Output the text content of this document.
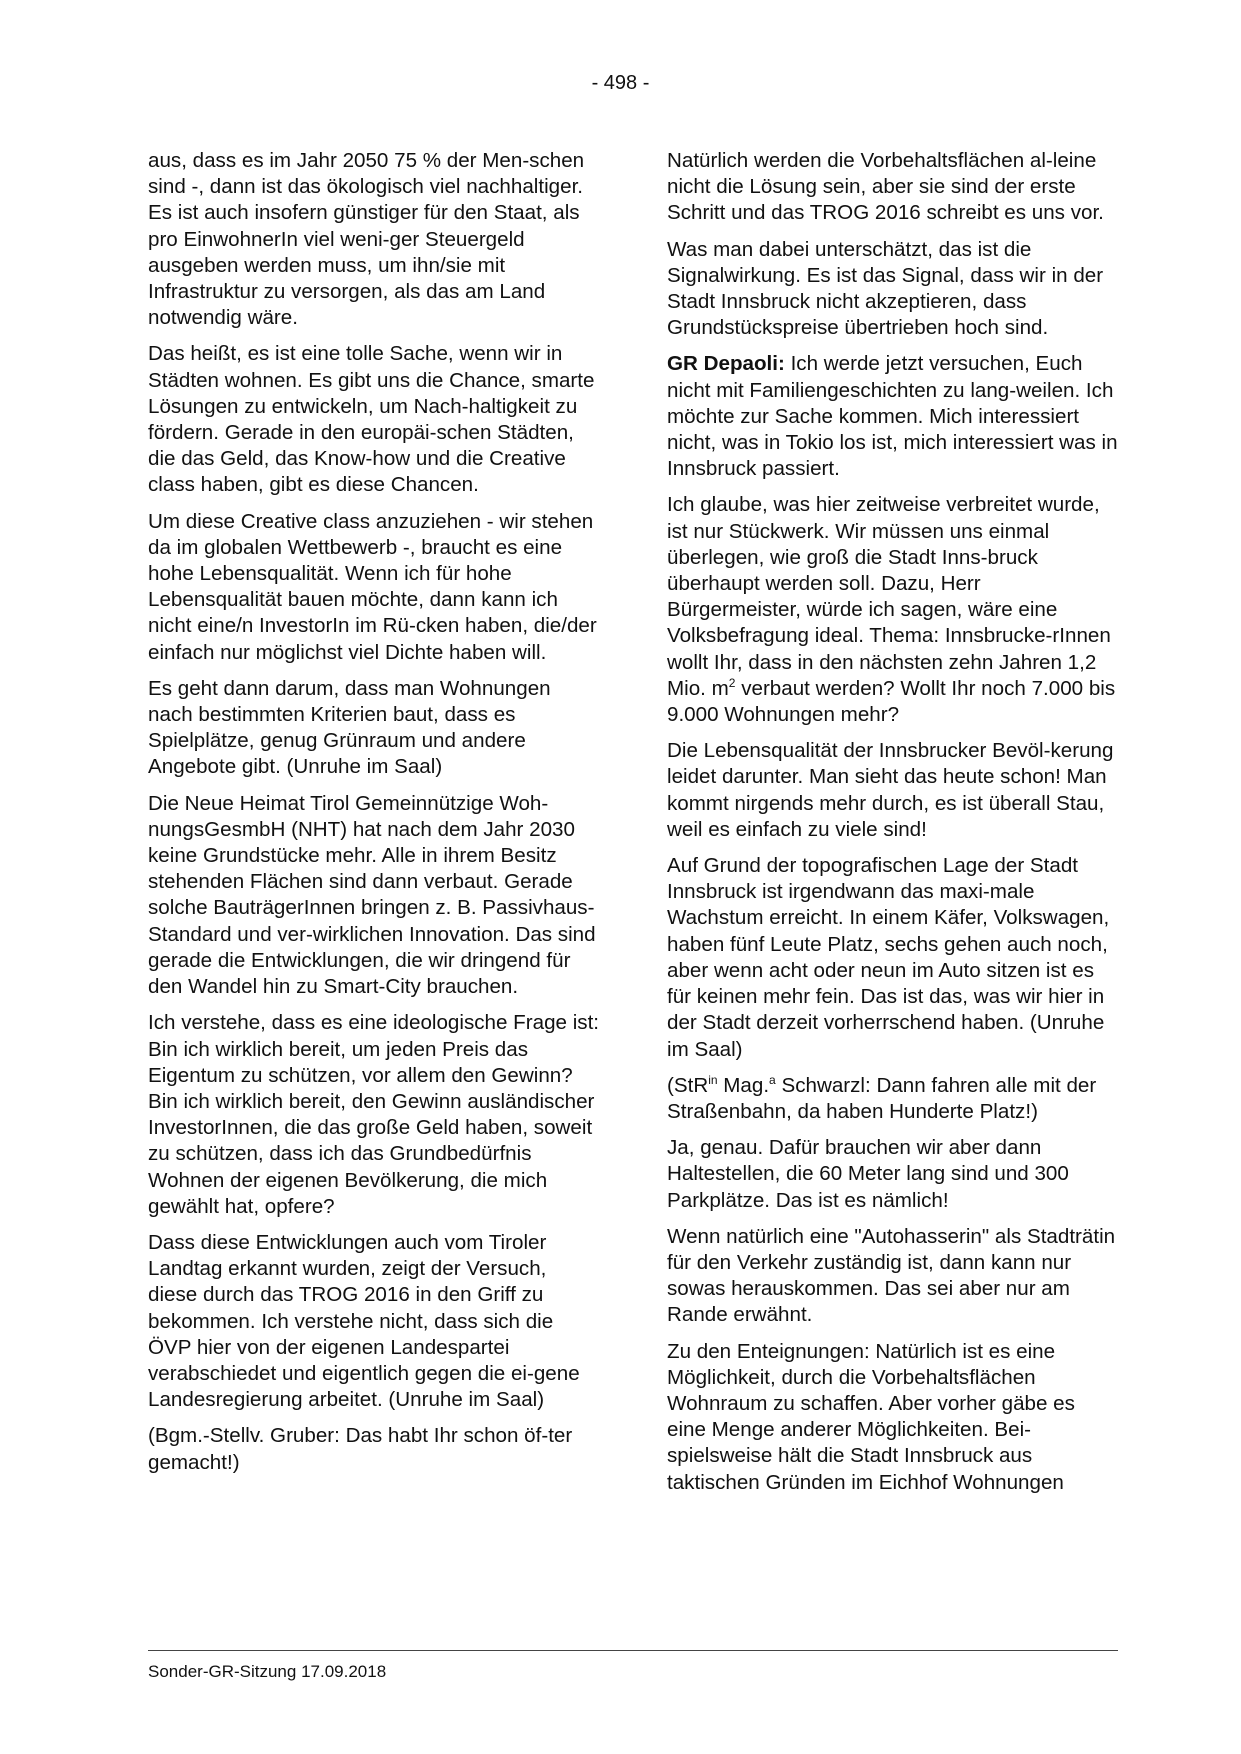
- 498 -

aus, dass es im Jahr 2050 75 % der Men-schen sind -, dann ist das ökologisch viel nachhaltiger. Es ist auch insofern günstiger für den Staat, als pro EinwohnerIn viel weni-ger Steuergeld ausgeben werden muss, um ihn/sie mit Infrastruktur zu versorgen, als das am Land notwendig wäre.

Das heißt, es ist eine tolle Sache, wenn wir in Städten wohnen. Es gibt uns die Chance, smarte Lösungen zu entwickeln, um Nach-haltigkeit zu fördern. Gerade in den europäi-schen Städten, die das Geld, das Know-how und die Creative class haben, gibt es diese Chancen.

Um diese Creative class anzuziehen - wir stehen da im globalen Wettbewerb -, braucht es eine hohe Lebensqualität. Wenn ich für hohe Lebensqualität bauen möchte, dann kann ich nicht eine/n InvestorIn im Rü-cken haben, die/der einfach nur möglichst viel Dichte haben will.

Es geht dann darum, dass man Wohnungen nach bestimmten Kriterien baut, dass es Spielplätze, genug Grünraum und andere Angebote gibt. (Unruhe im Saal)

Die Neue Heimat Tirol Gemeinnützige Woh-nungsGesmbH (NHT) hat nach dem Jahr 2030 keine Grundstücke mehr. Alle in ihrem Besitz stehenden Flächen sind dann verbaut. Gerade solche BauträgerInnen bringen z. B. Passivhaus-Standard und ver-wirklichen Innovation. Das sind gerade die Entwicklungen, die wir dringend für den Wandel hin zu Smart-City brauchen.

Ich verstehe, dass es eine ideologische Frage ist: Bin ich wirklich bereit, um jeden Preis das Eigentum zu schützen, vor allem den Gewinn? Bin ich wirklich bereit, den Gewinn ausländischer InvestorInnen, die das große Geld haben, soweit zu schützen, dass ich das Grundbedürfnis Wohnen der eigenen Bevölkerung, die mich gewählt hat, opfere?

Dass diese Entwicklungen auch vom Tiroler Landtag erkannt wurden, zeigt der Versuch, diese durch das TROG 2016 in den Griff zu bekommen. Ich verstehe nicht, dass sich die ÖVP hier von der eigenen Landespartei verabschiedet und eigentlich gegen die ei-gene Landesregierung arbeitet. (Unruhe im Saal)

(Bgm.-Stellv. Gruber: Das habt Ihr schon öf-ter gemacht!)

Natürlich werden die Vorbehaltsflächen al-leine nicht die Lösung sein, aber sie sind der erste Schritt und das TROG 2016 schreibt es uns vor.

Was man dabei unterschätzt, das ist die Signalwirkung. Es ist das Signal, dass wir in der Stadt Innsbruck nicht akzeptieren, dass Grundstückspreise übertrieben hoch sind.

GR Depaoli: Ich werde jetzt versuchen, Euch nicht mit Familiengeschichten zu lang-weilen. Ich möchte zur Sache kommen. Mich interessiert nicht, was in Tokio los ist, mich interessiert was in Innsbruck passiert.

Ich glaube, was hier zeitweise verbreitet wurde, ist nur Stückwerk. Wir müssen uns einmal überlegen, wie groß die Stadt Inns-bruck überhaupt werden soll. Dazu, Herr Bürgermeister, würde ich sagen, wäre eine Volksbefragung ideal. Thema: Innsbrucke-rInnen wollt Ihr, dass in den nächsten zehn Jahren 1,2 Mio. $m^2$ verbaut werden? Wollt Ihr noch 7.000 bis 9.000 Wohnungen mehr?

Die Lebensqualität der Innsbrucker Bevöl-kerung leidet darunter. Man sieht das heute schon! Man kommt nirgends mehr durch, es ist überall Stau, weil es einfach zu viele sind!

Auf Grund der topografischen Lage der Stadt Innsbruck ist irgendwann das maxi-male Wachstum erreicht. In einem Käfer, Volkswagen, haben fünf Leute Platz, sechs gehen auch noch, aber wenn acht oder neun im Auto sitzen ist es für keinen mehr fein. Das ist das, was wir hier in der Stadt derzeit vorherrschend haben. (Unruhe im Saal)

(StR$^{in}$ Mag.$^a$ Schwarzl: Dann fahren alle mit der Straßenbahn, da haben Hunderte Platz!)

Ja, genau. Dafür brauchen wir aber dann Haltestellen, die 60 Meter lang sind und 300 Parkplätze. Das ist es nämlich!

Wenn natürlich eine "Autohasserin" als Stadträtin für den Verkehr zuständig ist, dann kann nur sowas herauskommen. Das sei aber nur am Rande erwähnt.

Zu den Enteignungen: Natürlich ist es eine Möglichkeit, durch die Vorbehaltsflächen Wohnraum zu schaffen. Aber vorher gäbe es eine Menge anderer Möglichkeiten. Bei-spielsweise hält die Stadt Innsbruck aus taktischen Gründen im Eichhof Wohnungen

Sonder-GR-Sitzung 17.09.2018
